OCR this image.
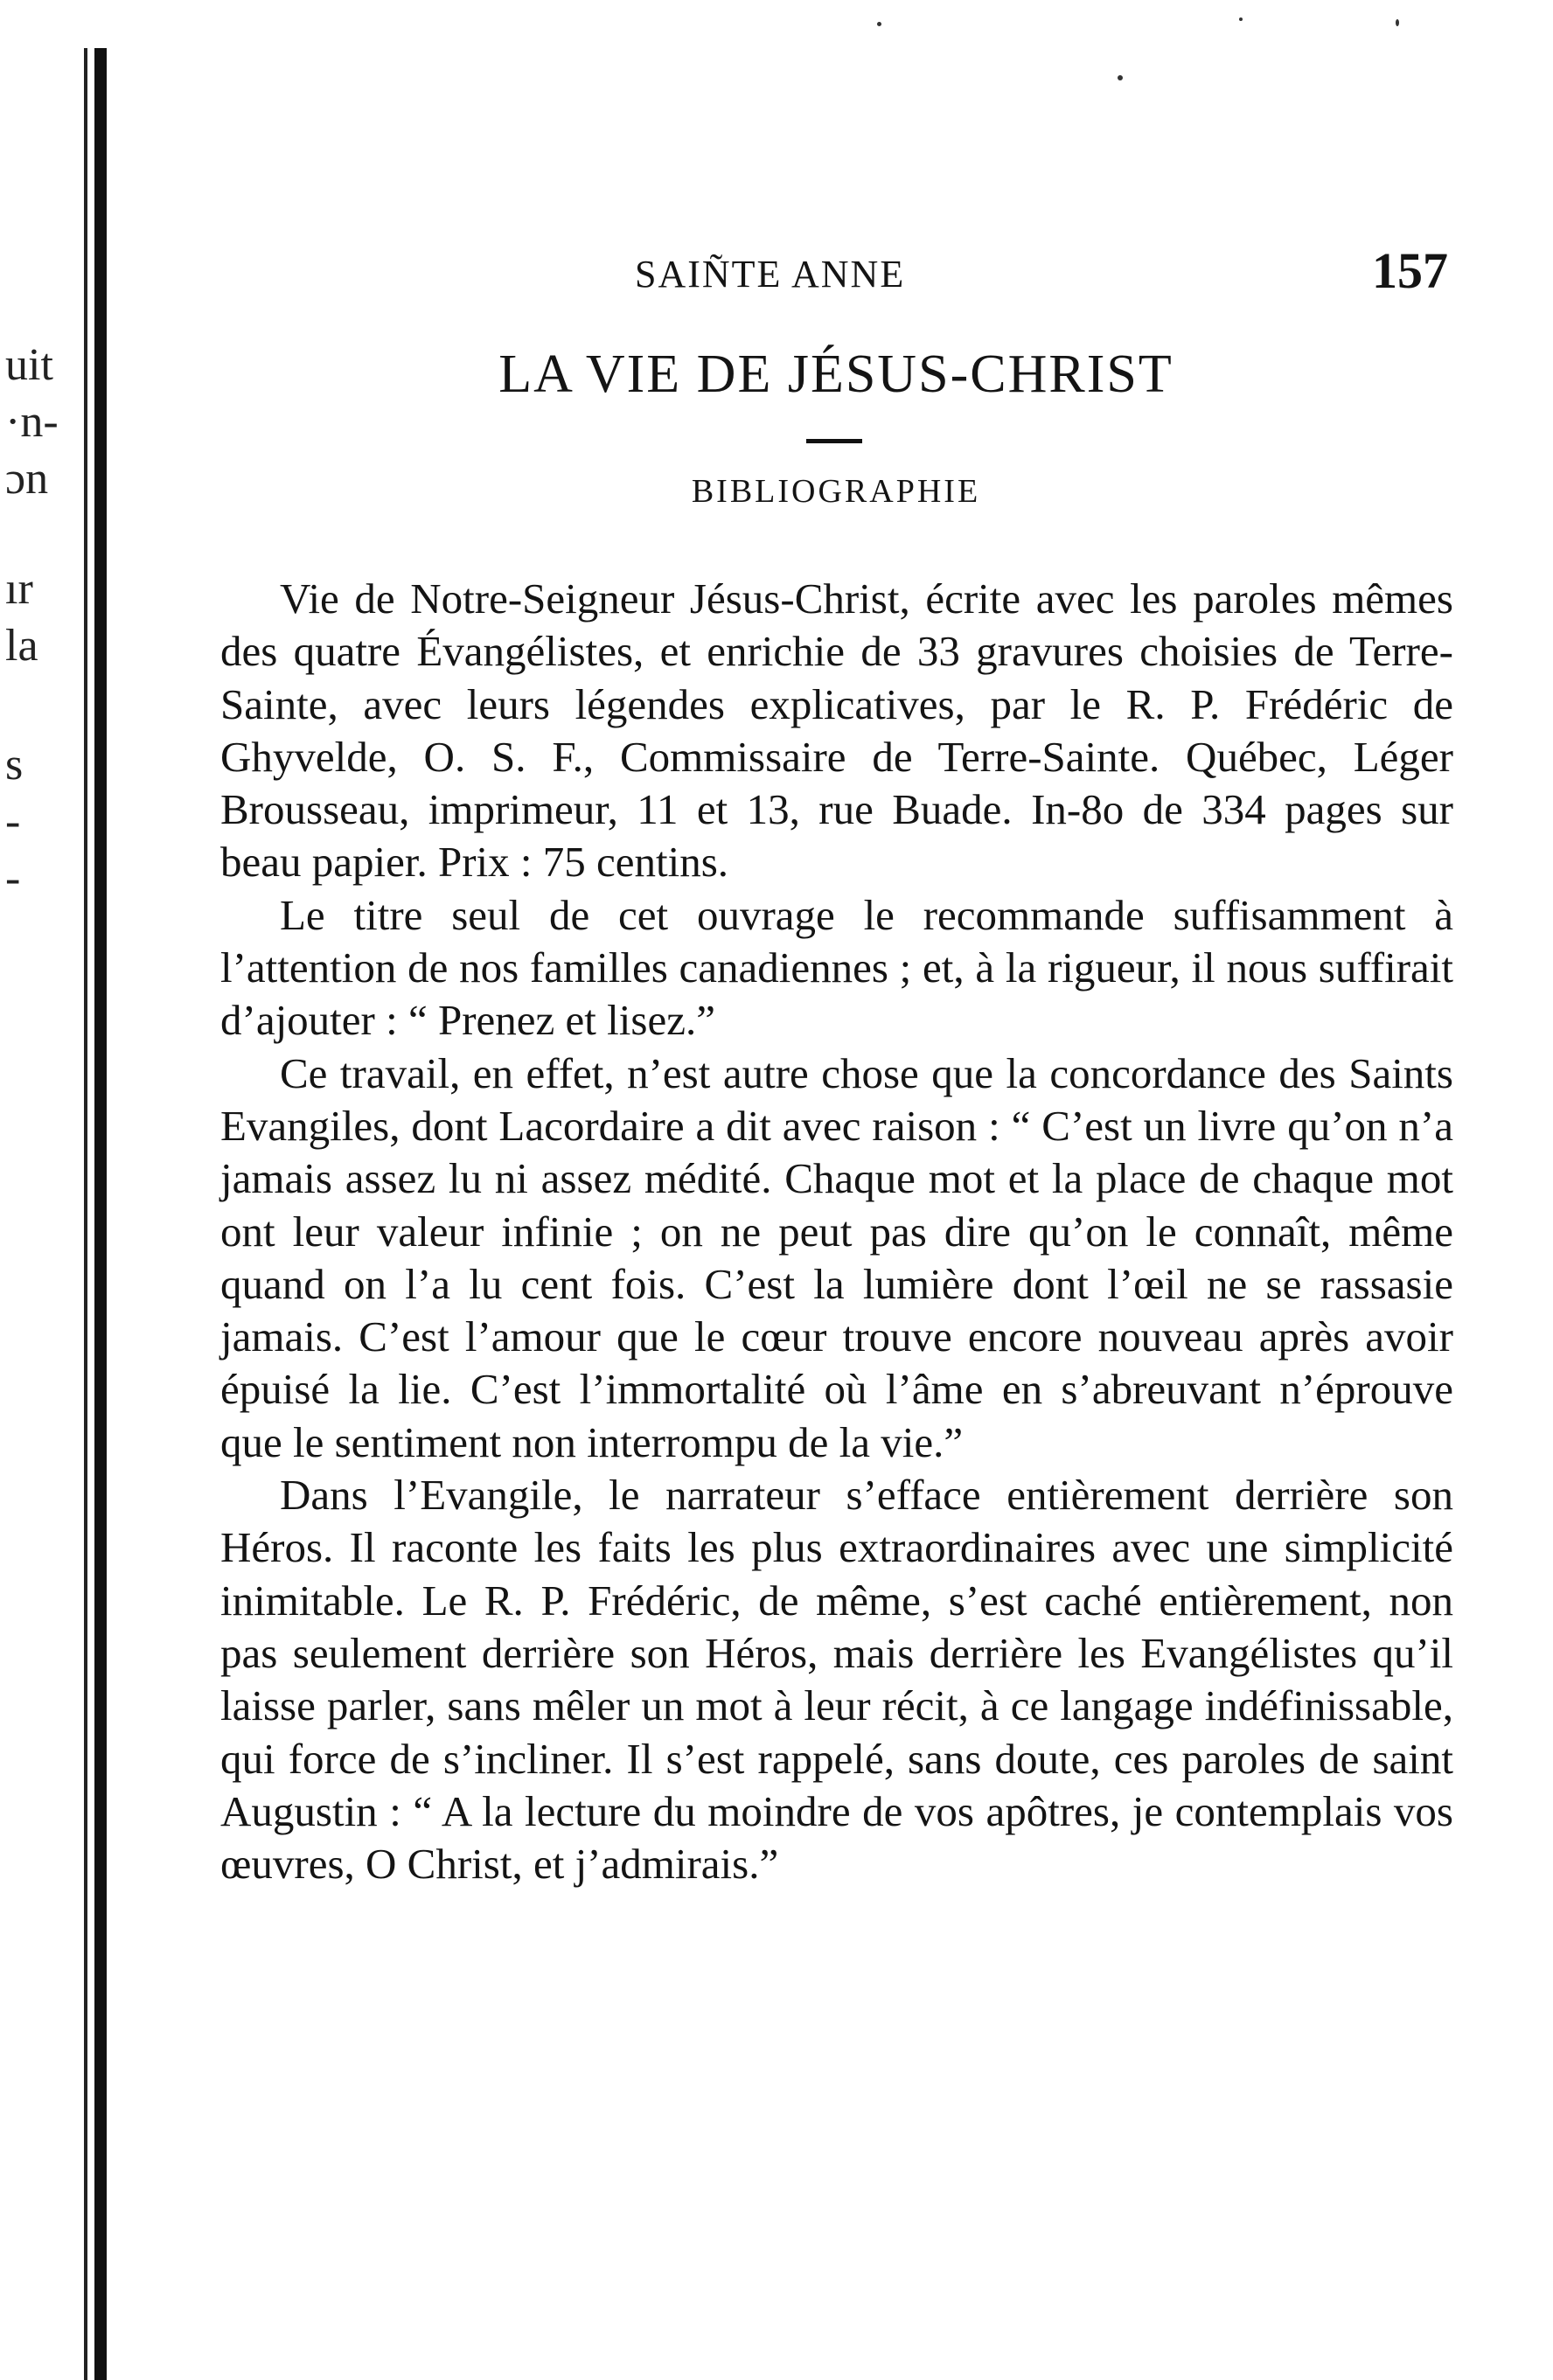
uit
·n-
ɔn
ır
la
s
-
-
SAIÑTE ANNE	157
LA VIE DE JÉSUS-CHRIST
BIBLIOGRAPHIE

Vie de Notre-Seigneur Jésus-Christ, écrite avec les paroles mêmes des quatre Évangélistes, et enrichie de 33 gravures choisies de Terre-Sainte, avec leurs légendes explicatives, par le R. P. Frédéric de Ghyvelde, O. S. F., Commissaire de Terre-Sainte. Québec, Léger Brousseau, imprimeur, 11 et 13, rue Buade. In-8o de 334 pages sur beau papier. Prix : 75 centins.

Le titre seul de cet ouvrage le recommande suffisamment à l’attention de nos familles canadiennes ; et, à la rigueur, il nous suffirait d’ajouter : “ Prenez et lisez.”

Ce travail, en effet, n’est autre chose que la concordance des Saints Evangiles, dont Lacordaire a dit avec raison : “ C’est un livre qu’on n’a jamais assez lu ni assez médité. Chaque mot et la place de chaque mot ont leur valeur infinie ; on ne peut pas dire qu’on le connaît, même quand on l’a lu cent fois. C’est la lumière dont l’œil ne se rassasie jamais. C’est l’amour que le cœur trouve encore nouveau après avoir épuisé la lie. C’est l’immortalité où l’âme en s’abreuvant n’éprouve que le sentiment non interrompu de la vie.”

Dans l’Evangile, le narrateur s’efface entièrement derrière son Héros. Il raconte les faits les plus extraordinaires avec une simplicité inimitable. Le R. P. Frédéric, de même, s’est caché entièrement, non pas seulement derrière son Héros, mais derrière les Evangélistes qu’il laisse parler, sans mêler un mot à leur récit, à ce langage indéfinissable, qui force de s’incliner. Il s’est rappelé, sans doute, ces paroles de saint Augustin : “ A la lecture du moindre de vos apôtres, je contemplais vos œuvres, O Christ, et j’admirais.”
